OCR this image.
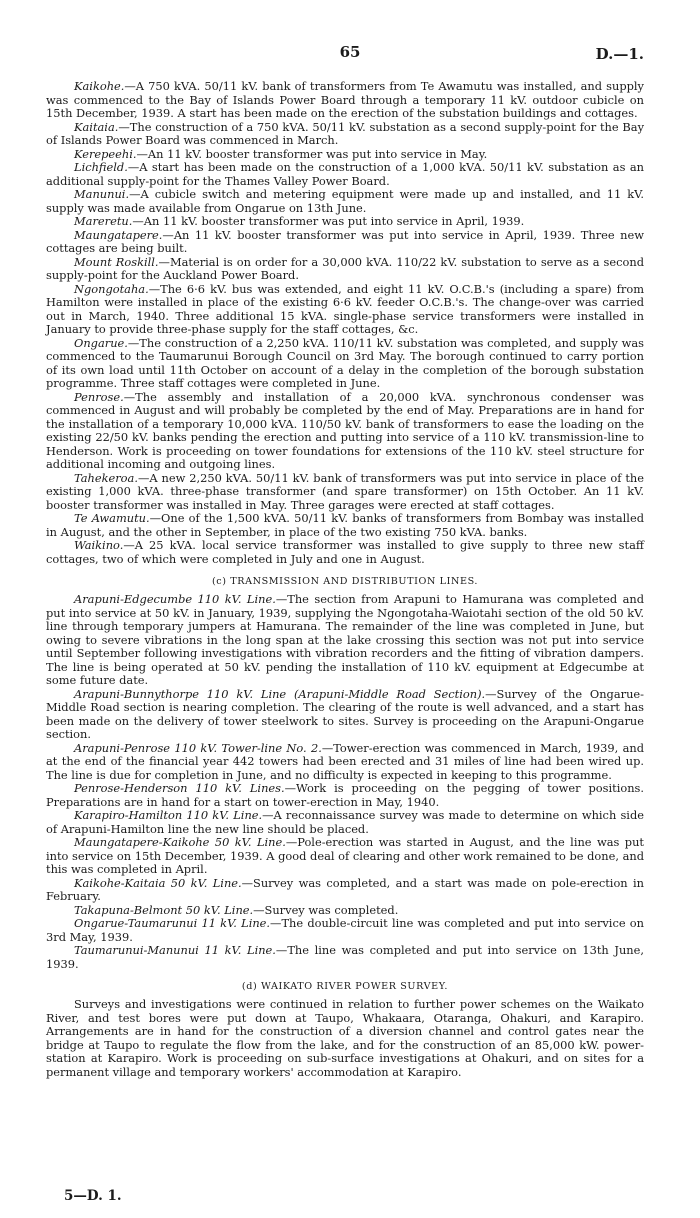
65	D.—1.

Kaikohe.—A 750 kVA. 50/11 kV. bank of transformers from Te Awamutu was installed, and supply was commenced to the Bay of Islands Power Board through a temporary 11 kV. outdoor cubicle on 15th December, 1939. A start has been made on the erection of the substation buildings and cottages.

Kaitaia.—The construction of a 750 kVA. 50/11 kV. substation as a second supply-point for the Bay of Islands Power Board was commenced in March.

Kerepeehi.—An 11 kV. booster transformer was put into service in May.

Lichfield.—A start has been made on the construction of a 1,000 kVA. 50/11 kV. substation as an additional supply-point for the Thames Valley Power Board.

Manunui.—A cubicle switch and metering equipment were made up and installed, and 11 kV. supply was made available from Ongarue on 13th June.

Mareretu.—An 11 kV. booster transformer was put into service in April, 1939.

Maungatapere.—An 11 kV. booster transformer was put into service in April, 1939. Three new cottages are being built.

Mount Roskill.—Material is on order for a 30,000 kVA. 110/22 kV. substation to serve as a second supply-point for the Auckland Power Board.

Ngongotaha.—The 6·6 kV. bus was extended, and eight 11 kV. O.C.B.'s (including a spare) from Hamilton were installed in place of the existing 6·6 kV. feeder O.C.B.'s. The change-over was carried out in March, 1940. Three additional 15 kVA. single-phase service transformers were installed in January to provide three-phase supply for the staff cottages, &c.

Ongarue.—The construction of a 2,250 kVA. 110/11 kV. substation was completed, and supply was commenced to the Taumarunui Borough Council on 3rd May. The borough continued to carry portion of its own load until 11th October on account of a delay in the completion of the borough substation programme. Three staff cottages were completed in June.

Penrose.—The assembly and installation of a 20,000 kVA. synchronous condenser was commenced in August and will probably be completed by the end of May. Preparations are in hand for the installation of a temporary 10,000 kVA. 110/50 kV. bank of transformers to ease the loading on the existing 22/50 kV. banks pending the erection and putting into service of a 110 kV. transmission-line to Henderson. Work is proceeding on tower foundations for extensions of the 110 kV. steel structure for additional incoming and outgoing lines.

Tahekeroa.—A new 2,250 kVA. 50/11 kV. bank of transformers was put into service in place of the existing 1,000 kVA. three-phase transformer (and spare transformer) on 15th October. An 11 kV. booster transformer was installed in May. Three garages were erected at staff cottages.

Te Awamutu.—One of the 1,500 kVA. 50/11 kV. banks of transformers from Bombay was installed in August, and the other in September, in place of the two existing 750 kVA. banks.

Waikino.—A 25 kVA. local service transformer was installed to give supply to three new staff cottages, two of which were completed in July and one in August.

(c) TRANSMISSION AND DISTRIBUTION LINES.

Arapuni-Edgecumbe 110 kV. Line.—The section from Arapuni to Hamurana was completed and put into service at 50 kV. in January, 1939, supplying the Ngongotaha-Waiotahi section of the old 50 kV. line through temporary jumpers at Hamurana. The remainder of the line was completed in June, but owing to severe vibrations in the long span at the lake crossing this section was not put into service until September following investigations with vibration recorders and the fitting of vibration dampers. The line is being operated at 50 kV. pending the installation of 110 kV. equipment at Edgecumbe at some future date.

Arapuni-Bunnythorpe 110 kV. Line (Arapuni-Middle Road Section).—Survey of the Ongarue-Middle Road section is nearing completion. The clearing of the route is well advanced, and a start has been made on the delivery of tower steelwork to sites. Survey is proceeding on the Arapuni-Ongarue section.

Arapuni-Penrose 110 kV. Tower-line No. 2.—Tower-erection was commenced in March, 1939, and at the end of the financial year 442 towers had been erected and 31 miles of line had been wired up. The line is due for completion in June, and no difficulty is expected in keeping to this programme.

Penrose-Henderson 110 kV. Lines.—Work is proceeding on the pegging of tower positions. Preparations are in hand for a start on tower-erection in May, 1940.

Karapiro-Hamilton 110 kV. Line.—A reconnaissance survey was made to determine on which side of Arapuni-Hamilton line the new line should be placed.

Maungatapere-Kaikohe 50 kV. Line.—Pole-erection was started in August, and the line was put into service on 15th December, 1939. A good deal of clearing and other work remained to be done, and this was completed in April.

Kaikohe-Kaitaia 50 kV. Line.—Survey was completed, and a start was made on pole-erection in February.

Takapuna-Belmont 50 kV. Line.—Survey was completed.

Ongarue-Taumarunui 11 kV. Line.—The double-circuit line was completed and put into service on 3rd May, 1939.

Taumarunui-Manunui 11 kV. Line.—The line was completed and put into service on 13th June, 1939.

(d) WAIKATO RIVER POWER SURVEY.

Surveys and investigations were continued in relation to further power schemes on the Waikato River, and test bores were put down at Taupo, Whakaara, Otaranga, Ohakuri, and Karapiro. Arrangements are in hand for the construction of a diversion channel and control gates near the bridge at Taupo to regulate the flow from the lake, and for the construction of an 85,000 kW. power-station at Karapiro. Work is proceeding on sub-surface investigations at Ohakuri, and on sites for a permanent village and temporary workers' accommodation at Karapiro.

5—D. 1.
